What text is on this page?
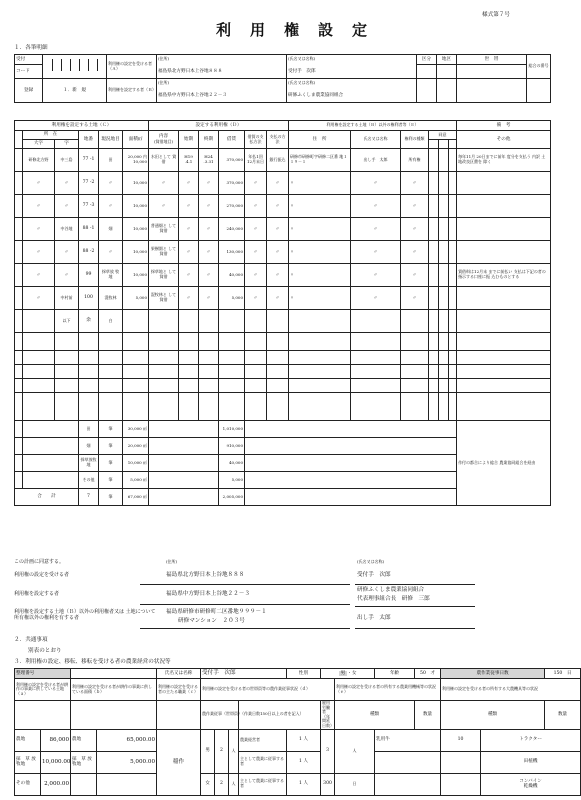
様式第７号
利　用　権　設　定
１．各筆明細
受付		利用権の設定を受ける者（Ａ）	(住所)	(氏名又は名称)	区分	地区	世　帯	総合の番号
コード			福島県北方野日本上谷地８８８	受付手　次郎				
登録	１．新　規	利用権を設定する者（Ｂ）	(住所)	(氏名又は名称)				
			福島県中方野日本上谷地２２－３	研修ふくしま農業協同組合				
利用権を設定する土地（Ｃ）						設定する利用権（Ｄ）						利用権を設定する土地（Ｂ）以外の権利者等（Ｅ）						備　考
	所　在		地番	現況地目	面積㎡	内容
(貸借地目)	始期	終期	借賃	借賃の支払方法	支払の方法	住　所	氏名又は名称	権利の種類	同意			その他
	大字	字																
	研修北方野	中三島	77 -1	田	20,000 内 10,000	水田として 貸借	H19 .4.1	H24 .3.31	370,000	年払1回 12月末日	銀行振込	研修市研修町字研修二区番 地１１９－１	出し手　太郎	所有権				毎年11月 20日までに前年 度分を支払う 内訳 土地改良区費を 除く
	〃	〃	77 -2	〃	10,000	〃	〃	〃	370,000	〃	〃	〃	〃	〃				
	〃	〃	77 -3	〃	10,000	〃	〃	〃	270,000	〃	〃	〃	〃	〃				
	〃	中谷地	88 -1	畑	10,000	普通畑と して貸借	〃	〃	240,000	〃	〃	〃	〃	〃				
	〃	〃	88 -2	〃	10,000	果樹園と して貸借	〃	〃	130,000	〃	〃	〃	〃	〃				
	〃	〃	99	採草放 牧地	10,000	採草地と して貸借	〃	〃	40,000	〃	〃	〃	〃	〃				賃借料は12月末 までに前払い 支払は下記の者の 指示する口座に振 込むものとする
	〃	中村前	100	混牧林	5,000	混牧林と して貸借	〃	〃	5,000	〃	〃	〃	〃	〃				
		以下	余	白														

			田	筆	30,000 ㎡				1,010,000									作付の都合により総合 農業協同組合を経由
			畑	筆	20,000 ㎡				910,000									
			採草放牧地	筆	10,000 ㎡				40,000									
			その他	筆	5,000 ㎡				5,000									
合　　計			7	筆	67,000 ㎡				2,005,000									
この計画に同意する。	(住所)	(氏名又は名称)
利用権の設定を受ける者	福島県北方野日本上谷地８８８	受付手　次郎
利用権を設定する者	福島県中方野日本上谷地２２－３
研修ふくしま農業協同組合
代表理事組合長　研修　三郎
利用権を設定する土地（Ｂ）以外の利用権者又は 土地について所有権以外の権利を有する者
福島県研修市研修町二区番地９９９－１
研修マンション　２０３号	出し手　太郎
２．共通事項
別表のとおり
３．利用権の設定、移転、移転を受ける者の農業経営の状況等
整理番号				氏名又は名称	受付手　次郎				性別	男 ・女		年齢	50　才	農作業従事日数		150　日	
利用権の設定を受ける者が耕作の事業に供している土地（ａ）		利用権の設定を受ける者が耕作の事業に供している面積（ｂ）		利用権の設定を受ける者の主たる職業（ｃ）	利用権の設定を受ける者の世帯員等の農作業従事状況（ｄ）						利用権の設定を受ける者の所有する農業用機械等の状況（ｅ）			利用権の設定を受ける者の所有する大農機具等の状況			
					農作業従事（世帯員）			（作業日数150日以上の者を記入）		雇用労働者
（年間延日数）	種類		数量	種類		数量	
農地	86,000	農地	65,000.00	稲作	男	2	人	農業経営者	1 人	3	人	乳用牛		10	トラクター	
採　草 放牧地	10,000.00	採　草 放牧地	5,000.00					主として農業に従事する者	1 人						田植機	
その他	2,000.00				女	2	人	主として農業に従事する者	1 人	300	日				コンバイン
乾燥機	
